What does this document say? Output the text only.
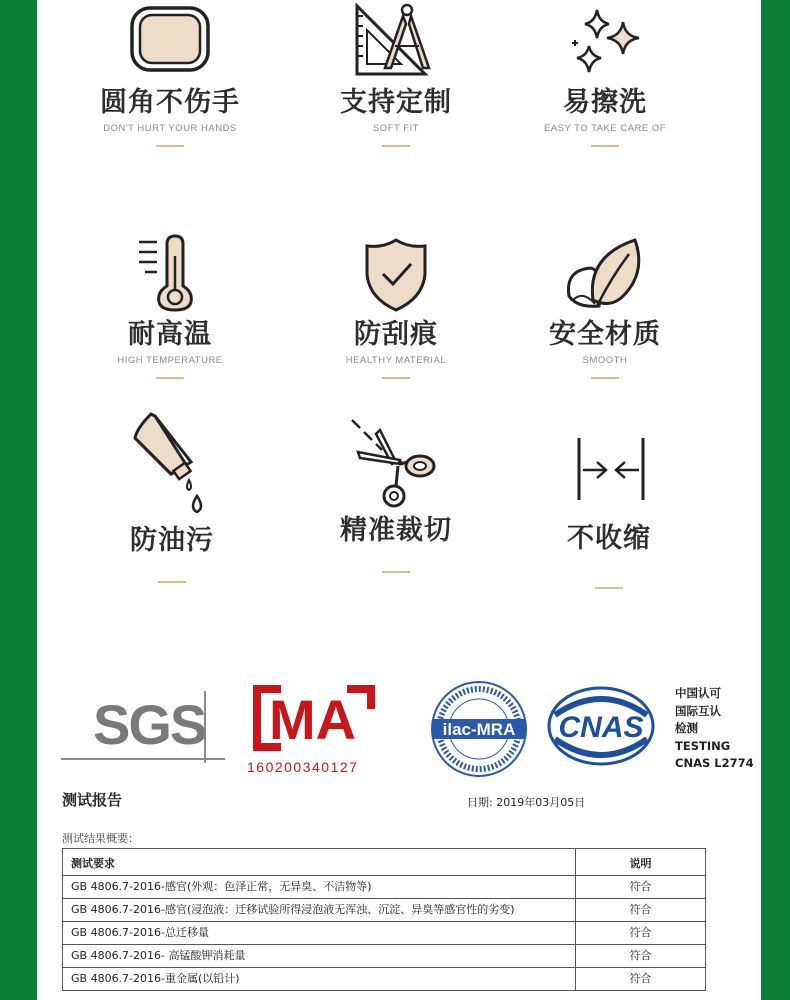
圆角不伤手
DON'T HURT YOUR HANDS
支持定制
SOFT FIT
易擦洗
EASY TO TAKE CARE OF
耐高温
HIGH TEMPERATURE
防刮痕
HEALTHY MATERIAL
安全材质
SMOOTH
防油污	精准裁切	不收缩
SGS MA
160200340127
ilac-MRA CNAS
中国认可
国际互认
检测
TESTING
CNAS L2774
测试报告	日期: 2019年03月05日
测试结果概要：
测试要求	说明
GB 4806.7-2016-感官(外观：色泽正常，无异臭、不洁物等)	符合
GB 4806.7-2016-感官(浸泡液：迁移试验所得浸泡液无浑浊、沉淀、异臭等感官性的劣变)	符合
GB 4806.7-2016-总迁移量	符合
GB 4806.7-2016- 高锰酸钾消耗量	符合
GB 4806.7-2016-重金属(以铅计)	符合
